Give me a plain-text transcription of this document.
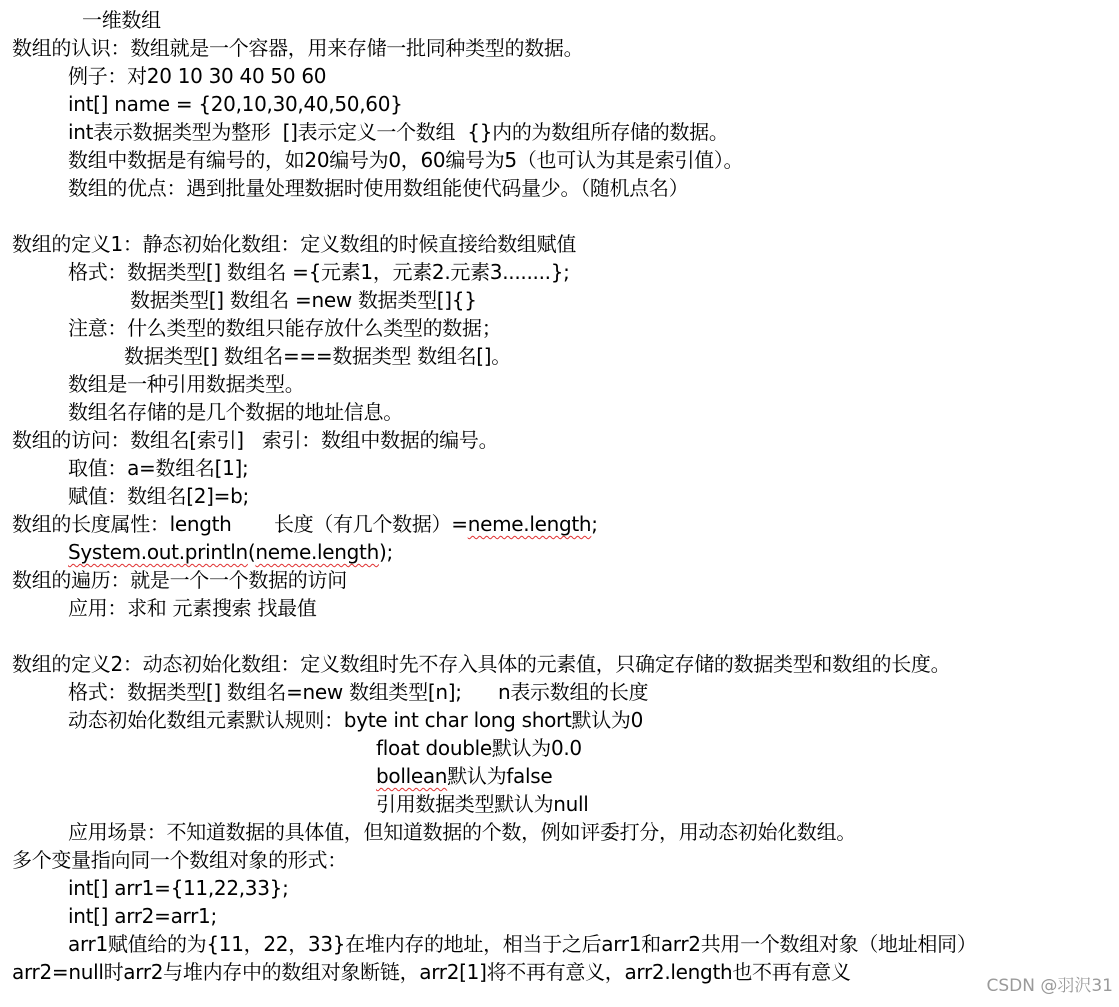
一维数组
数组的认识：数组就是一个容器，用来存储一批同种类型的数据。
例子：对20 10 30 40 50 60
int[] name = {20,10,30,40,50,60}
int表示数据类型为整形  []表示定义一个数组  {}内的为数组所存储的数据。
数组中数据是有编号的，如20编号为0，60编号为5（也可认为其是索引值）。
数组的优点：遇到批量处理数据时使用数组能使代码量少。（随机点名）
数组的定义1：静态初始化数组：定义数组的时候直接给数组赋值
格式：数据类型[] 数组名 ={元素1，元素2.元素3........};
数据类型[] 数组名 =new 数据类型[]{}
注意：什么类型的数组只能存放什么类型的数据；
数据类型[] 数组名===数据类型 数组名[]。
数组是一种引用数据类型。
数组名存储的是几个数据的地址信息。
数组的访问：数组名[索引]   索引：数组中数据的编号。
取值：a=数组名[1];
赋值：数组名[2]=b;
数组的长度属性：length       长度（有几个数据）=neme.length;
System.out.println(neme.length);
数组的遍历：就是一个一个数据的访问
应用：求和 元素搜索 找最值
数组的定义2：动态初始化数组：定义数组时先不存入具体的元素值，只确定存储的数据类型和数组的长度。
格式：数据类型[] 数组名=new 数组类型[n];      n表示数组的长度
动态初始化数组元素默认规则：byte int char long short默认为0
float double默认为0.0
bollean默认为false
引用数据类型默认为null
应用场景：不知道数据的具体值，但知道数据的个数，例如评委打分，用动态初始化数组。
多个变量指向同一个数组对象的形式：
int[] arr1={11,22,33};
int[] arr2=arr1;
arr1赋值给的为{11，22，33}在堆内存的地址，相当于之后arr1和arr2共用一个数组对象（地址相同）
arr2=null时arr2与堆内存中的数组对象断链，arr2[1]将不再有意义，arr2.length也不再有意义
CSDN @羽沢31
